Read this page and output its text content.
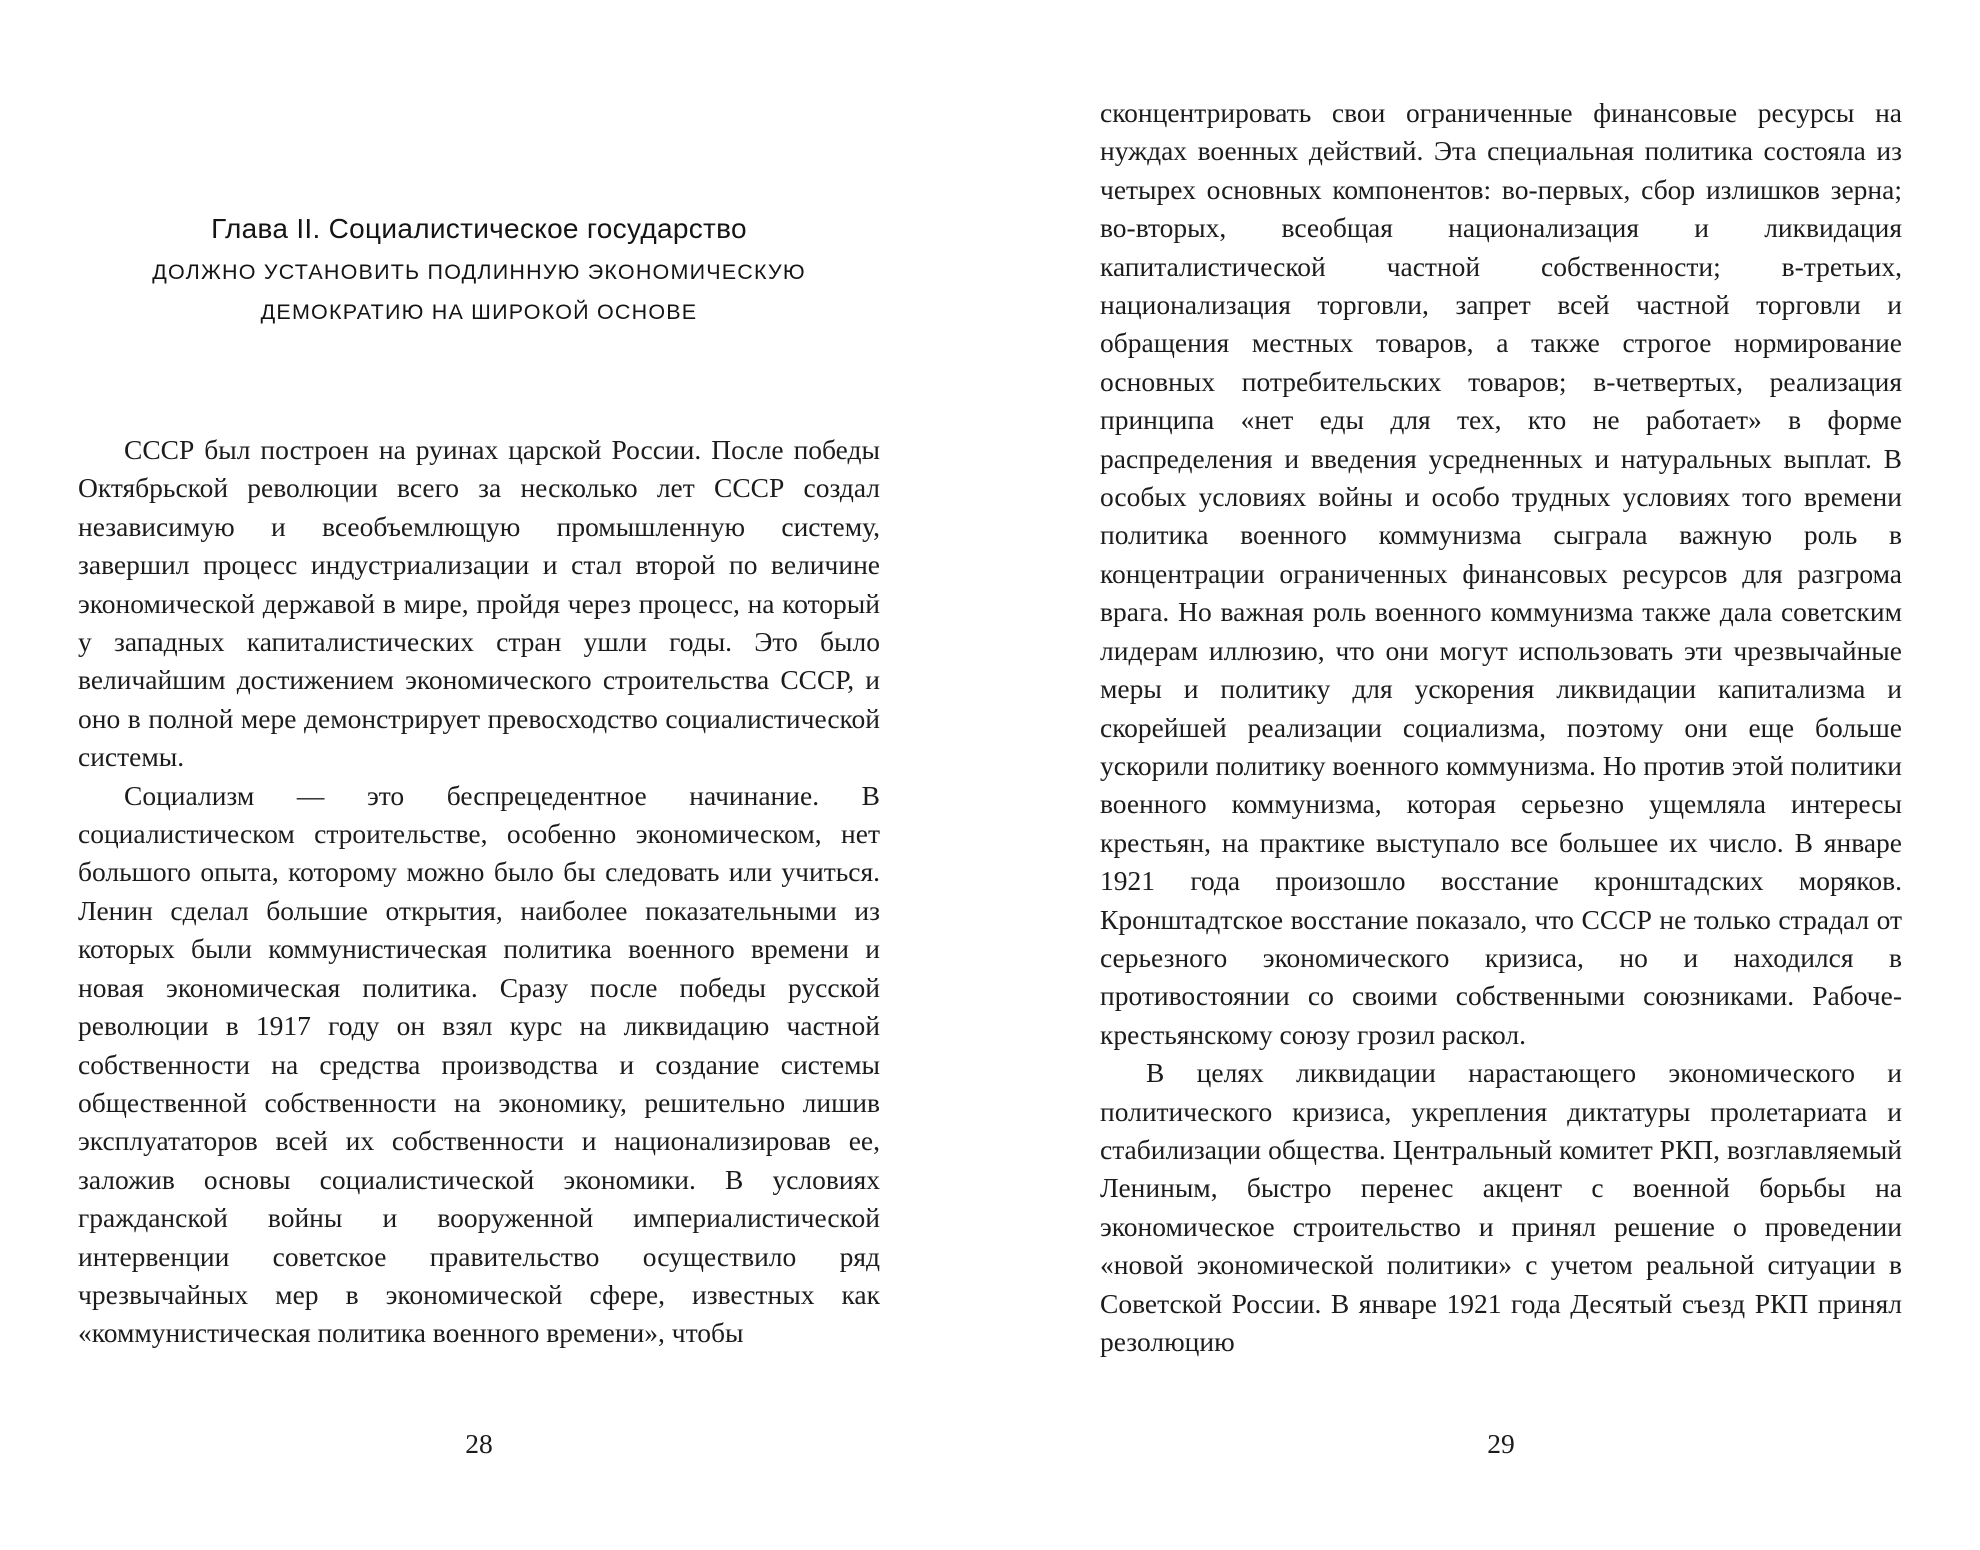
Глава II. Социалистическое государство
ДОЛЖНО УСТАНОВИТЬ ПОДЛИННУЮ ЭКОНОМИЧЕСКУЮ
ДЕМОКРАТИЮ НА ШИРОКОЙ ОСНОВЕ

СССР был построен на руинах царской России. После победы Октябрьской революции всего за несколько лет СССР создал независимую и всеобъемлющую промышленную систему, завершил процесс индустриализации и стал второй по величине экономической державой в мире, пройдя через процесс, на который у западных капиталистических стран ушли годы. Это было величайшим достижением экономического строительства СССР, и оно в полной мере демонстрирует превосходство социалистической системы.

Социализм — это беспрецедентное начинание. В социалистическом строительстве, особенно экономическом, нет большого опыта, которому можно было бы следовать или учиться. Ленин сделал большие открытия, наиболее показательными из которых были коммунистическая политика военного времени и новая экономическая политика. Сразу после победы русской революции в 1917 году он взял курс на ликвидацию частной собственности на средства производства и создание системы общественной собственности на экономику, решительно лишив эксплуататоров всей их собственности и национализировав ее, заложив основы социалистической экономики. В условиях гражданской войны и вооруженной империалистической интервенции советское правительство осуществило ряд чрезвычайных мер в экономической сфере, известных как «коммунистическая политика военного времени», чтобы

28

сконцентрировать свои ограниченные финансовые ресурсы на нуждах военных действий. Эта специальная политика состояла из четырех основных компонентов: во-первых, сбор излишков зерна; во-вторых, всеобщая национализация и ликвидация капиталистической частной собственности; в-третьих, национализация торговли, запрет всей частной торговли и обращения местных товаров, а также строгое нормирование основных потребительских товаров; в-четвертых, реализация принципа «нет еды для тех, кто не работает» в форме распределения и введения усредненных и натуральных выплат. В особых условиях войны и особо трудных условиях того времени политика военного коммунизма сыграла важную роль в концентрации ограниченных финансовых ресурсов для разгрома врага. Но важная роль военного коммунизма также дала советским лидерам иллюзию, что они могут использовать эти чрезвычайные меры и политику для ускорения ликвидации капитализма и скорейшей реализации социализма, поэтому они еще больше ускорили политику военного коммунизма. Но против этой политики военного коммунизма, которая серьезно ущемляла интересы крестьян, на практике выступало все большее их число. В январе 1921 года произошло восстание кронштадских моряков. Кронштадтское восстание показало, что СССР не только страдал от серьезного экономического кризиса, но и находился в противостоянии со своими собственными союзниками. Рабоче-крестьянскому союзу грозил раскол.

В целях ликвидации нарастающего экономического и политического кризиса, укрепления диктатуры пролетариата и стабилизации общества. Центральный комитет РКП, возглавляемый Лениным, быстро перенес акцент с военной борьбы на экономическое строительство и принял решение о проведении «новой экономической политики» с учетом реальной ситуации в Советской России. В январе 1921 года Десятый съезд РКП принял резолюцию

29
